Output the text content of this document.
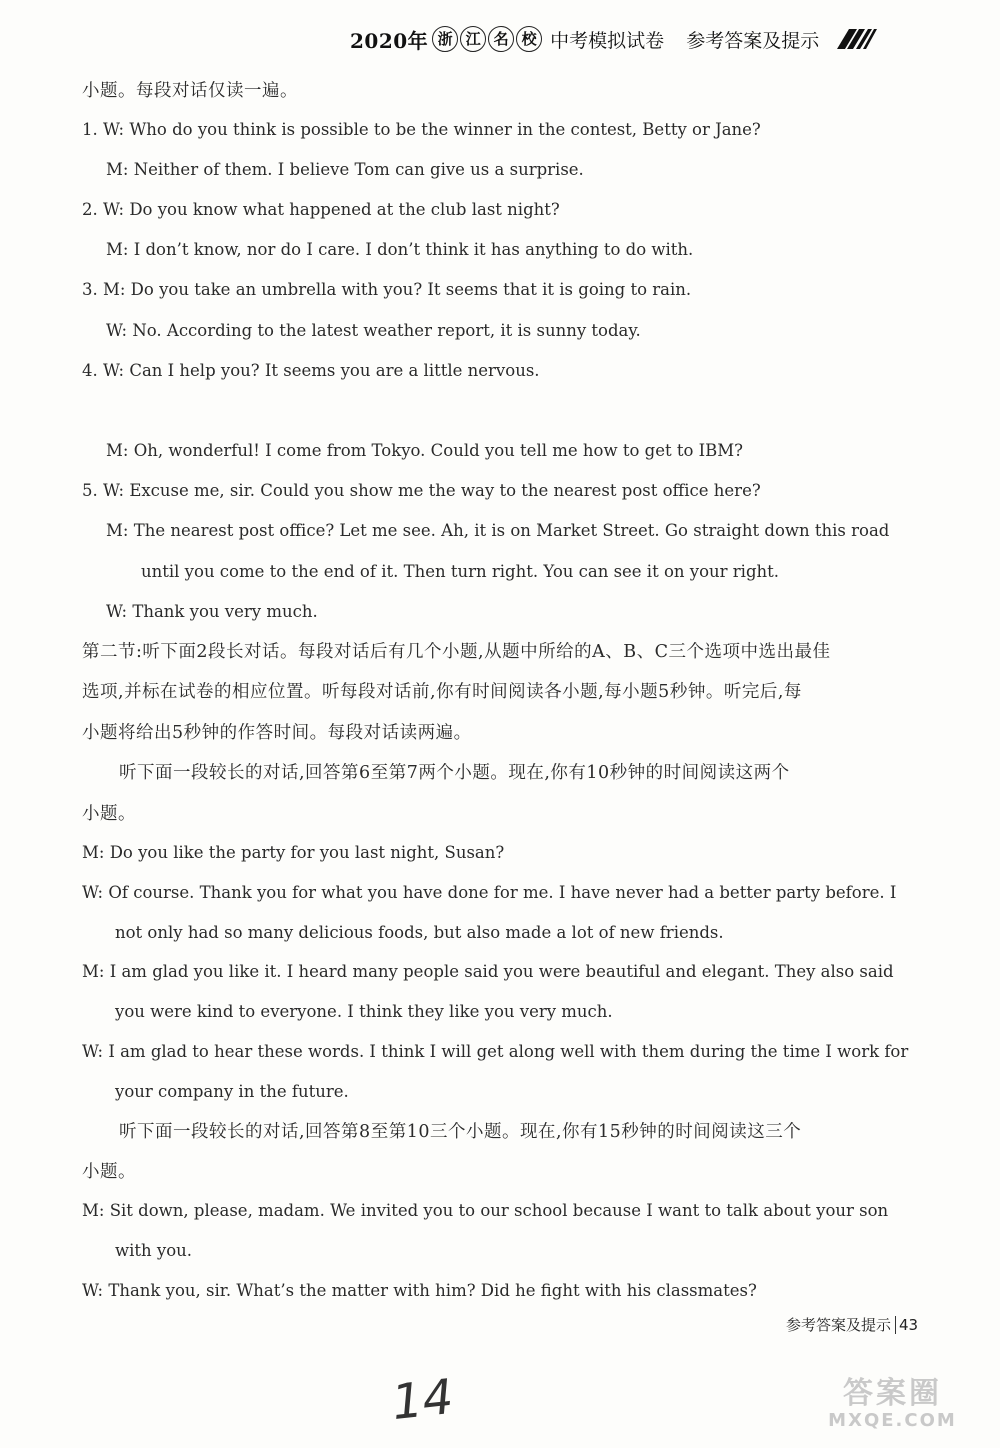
2020年 浙 江 名 校 中考模拟试卷 参考答案及提示
小题。每段对话仅读一遍。
1. W: Who do you think is possible to be the winner in the contest, Betty or Jane?
M: Neither of them. I believe Tom can give us a surprise.
2. W: Do you know what happened at the club last night?
M: I don’t know, nor do I care. I don’t think it has anything to do with.
3. M: Do you take an umbrella with you? It seems that it is going to rain.
W: No. According to the latest weather report, it is sunny today.
4. W: Can I help you? It seems you are a little nervous.
M: Oh, wonderful! I come from Tokyo. Could you tell me how to get to IBM?
5. W: Excuse me, sir. Could you show me the way to the nearest post office here?
M: The nearest post office? Let me see. Ah, it is on Market Street. Go straight down this road
until you come to the end of it. Then turn right. You can see it on your right.
W: Thank you very much.
第二节:听下面2段长对话。每段对话后有几个小题,从题中所给的A、B、C三个选项中选出最佳
选项,并标在试卷的相应位置。听每段对话前,你有时间阅读各小题,每小题5秒钟。听完后,每
小题将给出5秒钟的作答时间。每段对话读两遍。
听下面一段较长的对话,回答第6至第7两个小题。现在,你有10秒钟的时间阅读这两个
小题。
M: Do you like the party for you last night, Susan?
W: Of course. Thank you for what you have done for me. I have never had a better party before. I
not only had so many delicious foods, but also made a lot of new friends.
M: I am glad you like it. I heard many people said you were beautiful and elegant. They also said
you were kind to everyone. I think they like you very much.
W: I am glad to hear these words. I think I will get along well with them during the time I work for
your company in the future.
听下面一段较长的对话,回答第8至第10三个小题。现在,你有15秒钟的时间阅读这三个
小题。
M: Sit down, please, madam. We invited you to our school because I want to talk about your son
with you.
W: Thank you, sir. What’s the matter with him? Did he fight with his classmates?
参考答案及提示 43
14	答案圈
MXQE.COM
